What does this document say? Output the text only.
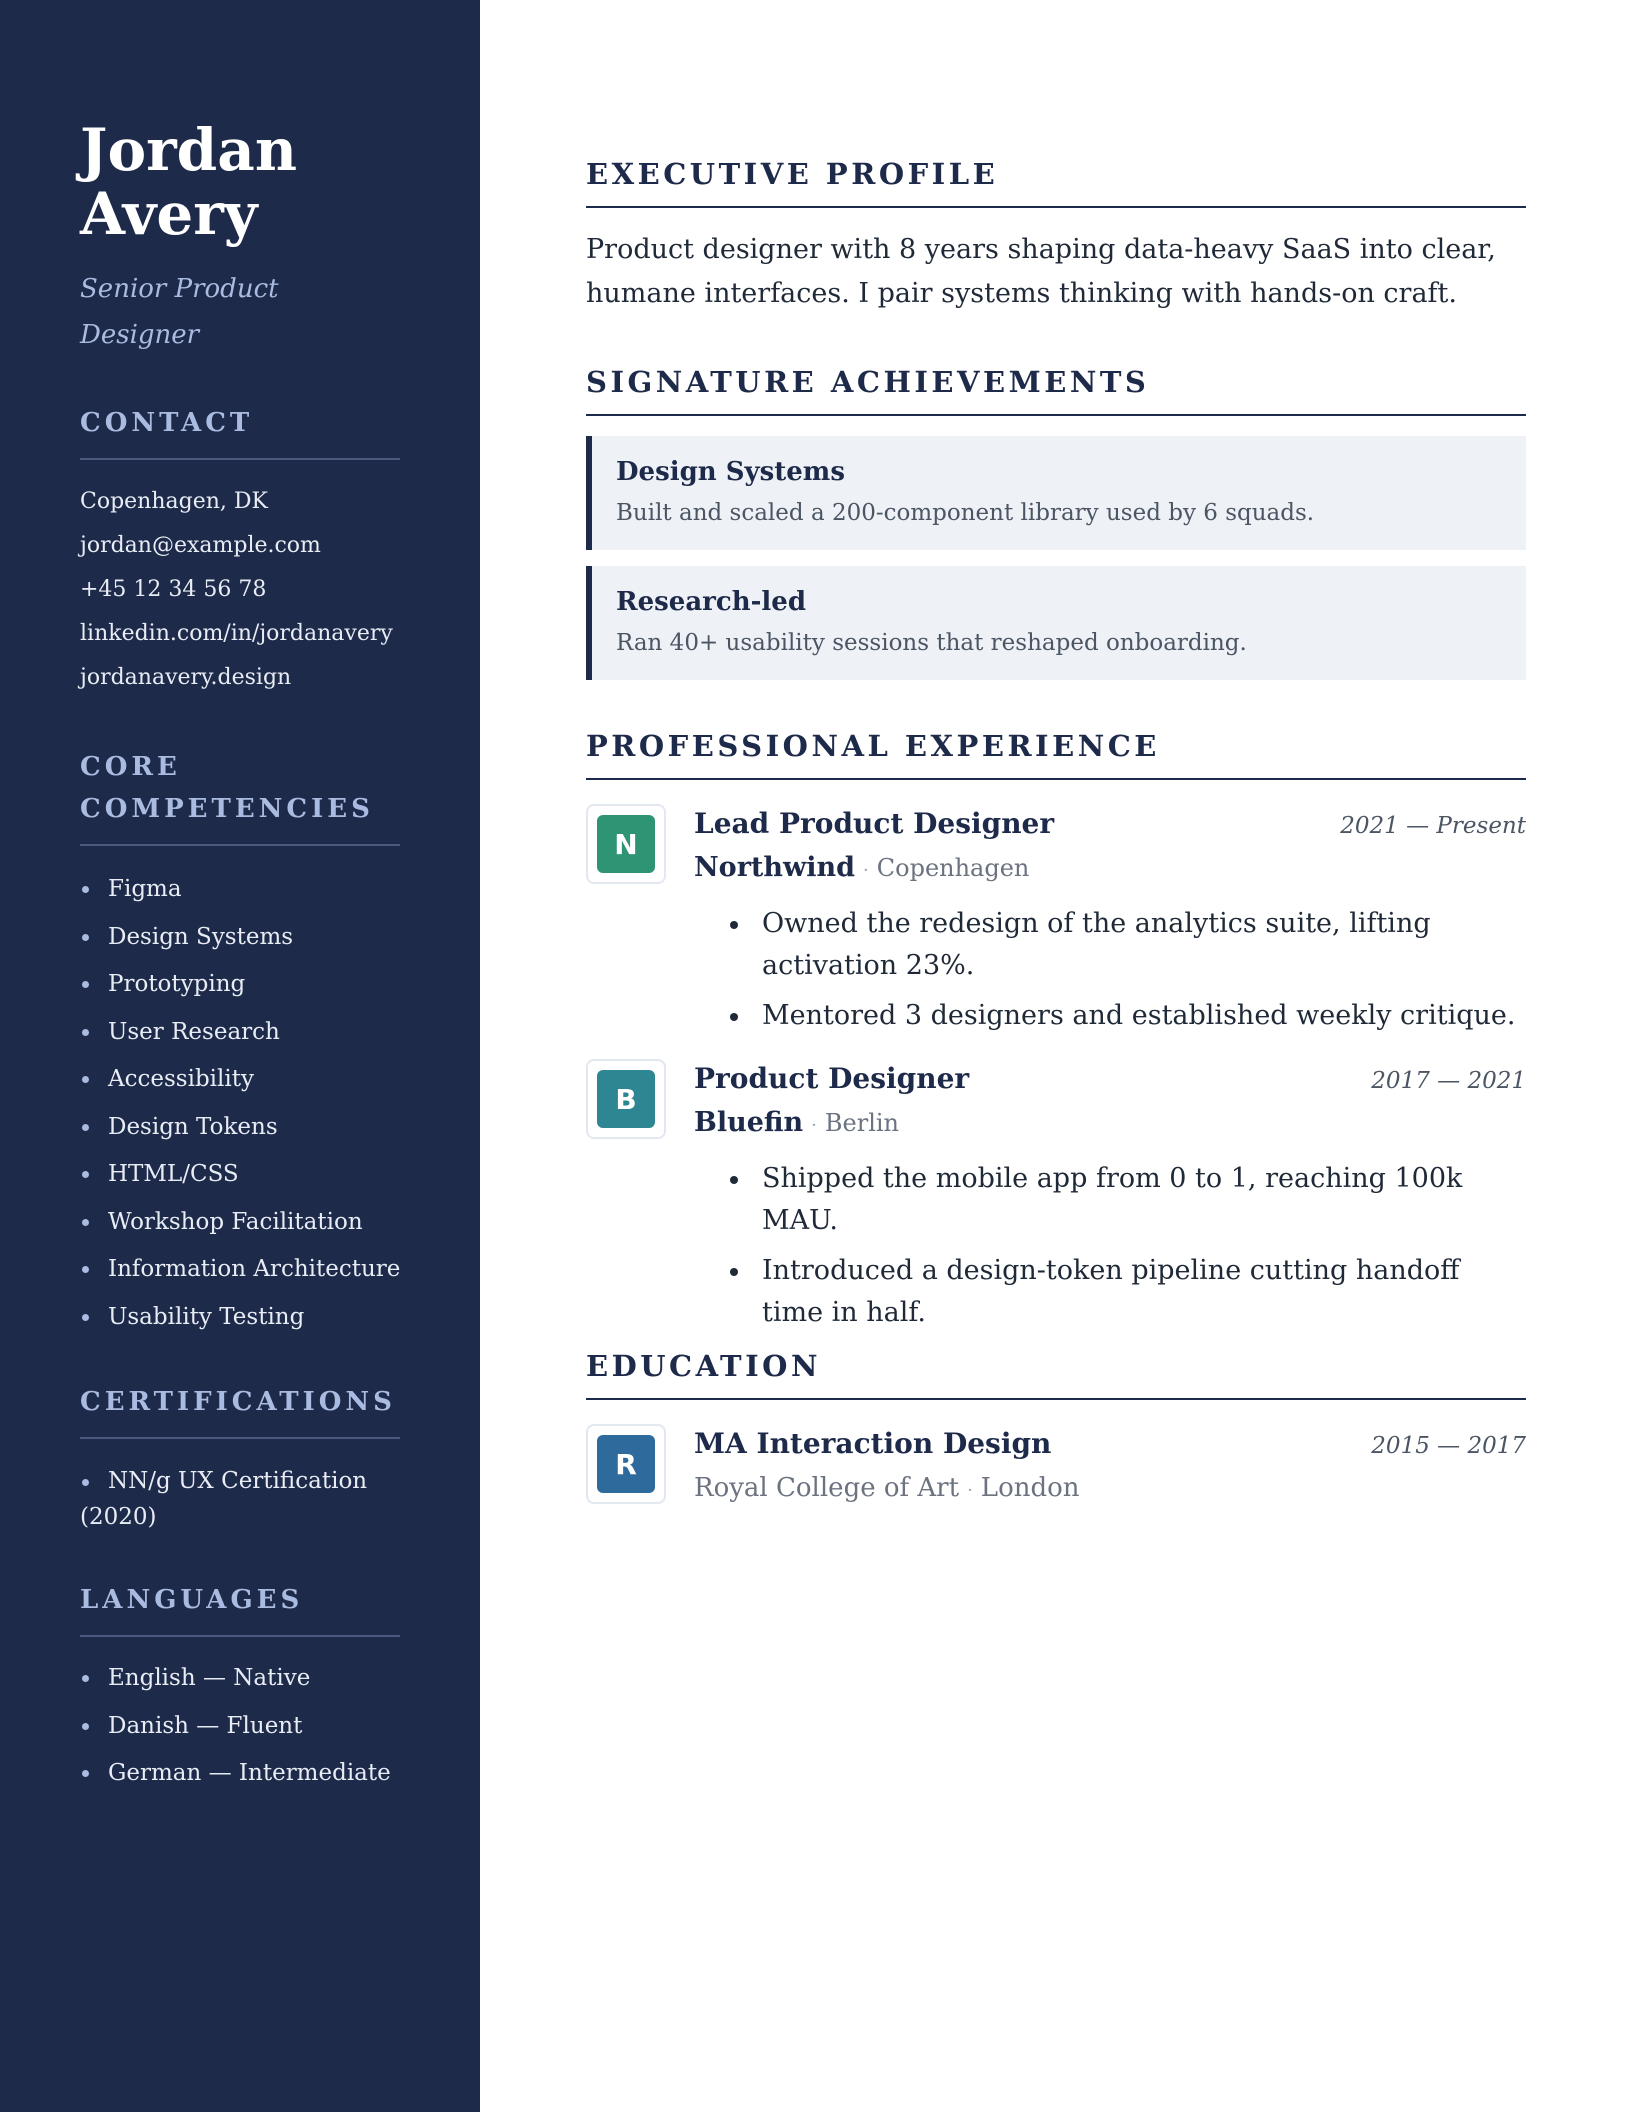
Jordan Avery
Senior Product Designer
CONTACT
Copenhagen, DK
jordan@example.com
+45 12 34 56 78
linkedin.com/in/jordanavery
jordanavery.design
CORE COMPETENCIES
Figma
Design Systems
Prototyping
User Research
Accessibility
Design Tokens
HTML/CSS
Workshop Facilitation
Information Architecture
Usability Testing
CERTIFICATIONS
NN/g UX Certification (2020)
LANGUAGES
English — Native
Danish — Fluent
German — Intermediate
EXECUTIVE PROFILE

Product designer with 8 years shaping data-heavy SaaS into clear, humane interfaces. I pair systems thinking with hands-on craft.

SIGNATURE ACHIEVEMENTS
Design Systems
Built and scaled a 200-component library used by 6 squads.
Research-led
Ran 40+ usability sessions that reshaped onboarding.
PROFESSIONAL EXPERIENCE
N
Lead Product Designer	2021 — Present
Northwind · Copenhagen
Owned the redesign of the analytics suite, lifting activation 23%.
Mentored 3 designers and established weekly critique.
B
Product Designer	2017 — 2021
Bluefin · Berlin
Shipped the mobile app from 0 to 1, reaching 100k MAU.
Introduced a design-token pipeline cutting handoff time in half.
EDUCATION
R
MA Interaction Design	2015 — 2017
Royal College of Art · London
